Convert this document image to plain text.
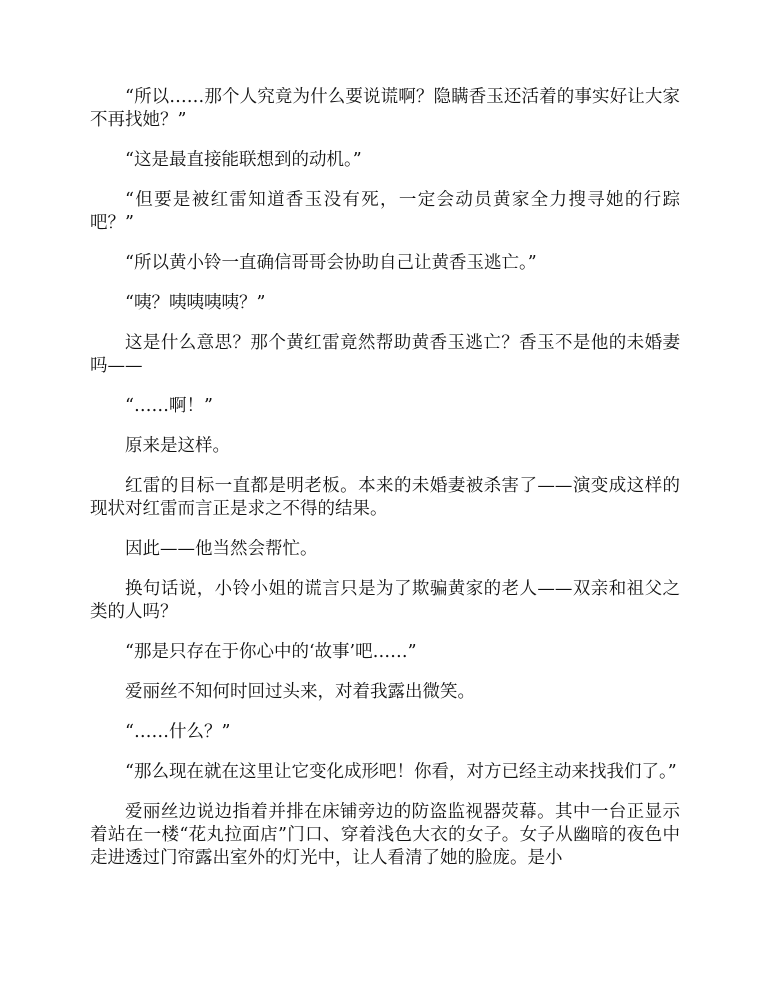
“所以……那个人究竟为什么要说谎啊？隐瞒香玉还活着的事实好让大家不再找她？”

“这是最直接能联想到的动机。”

“但要是被红雷知道香玉没有死，一定会动员黄家全力搜寻她的行踪吧？”

“所以黄小铃一直确信哥哥会协助自己让黄香玉逃亡。”

“咦？咦咦咦咦？”

这是什么意思？那个黄红雷竟然帮助黄香玉逃亡？香玉不是他的未婚妻吗——

“……啊！”

原来是这样。

红雷的目标一直都是明老板。本来的未婚妻被杀害了——演变成这样的现状对红雷而言正是求之不得的结果。

因此——他当然会帮忙。

换句话说，小铃小姐的谎言只是为了欺骗黄家的老人——双亲和祖父之类的人吗？

“那是只存在于你心中的‘故事’吧……”

爱丽丝不知何时回过头来，对着我露出微笑。

“……什么？”

“那么现在就在这里让它变化成形吧！你看，对方已经主动来找我们了。”

爱丽丝边说边指着并排在床铺旁边的防盗监视器荧幕。其中一台正显示着站在一楼“花丸拉面店”门口、穿着浅色大衣的女子。女子从幽暗的夜色中走进透过门帘露出室外的灯光中，让人看清了她的脸庞。是小
